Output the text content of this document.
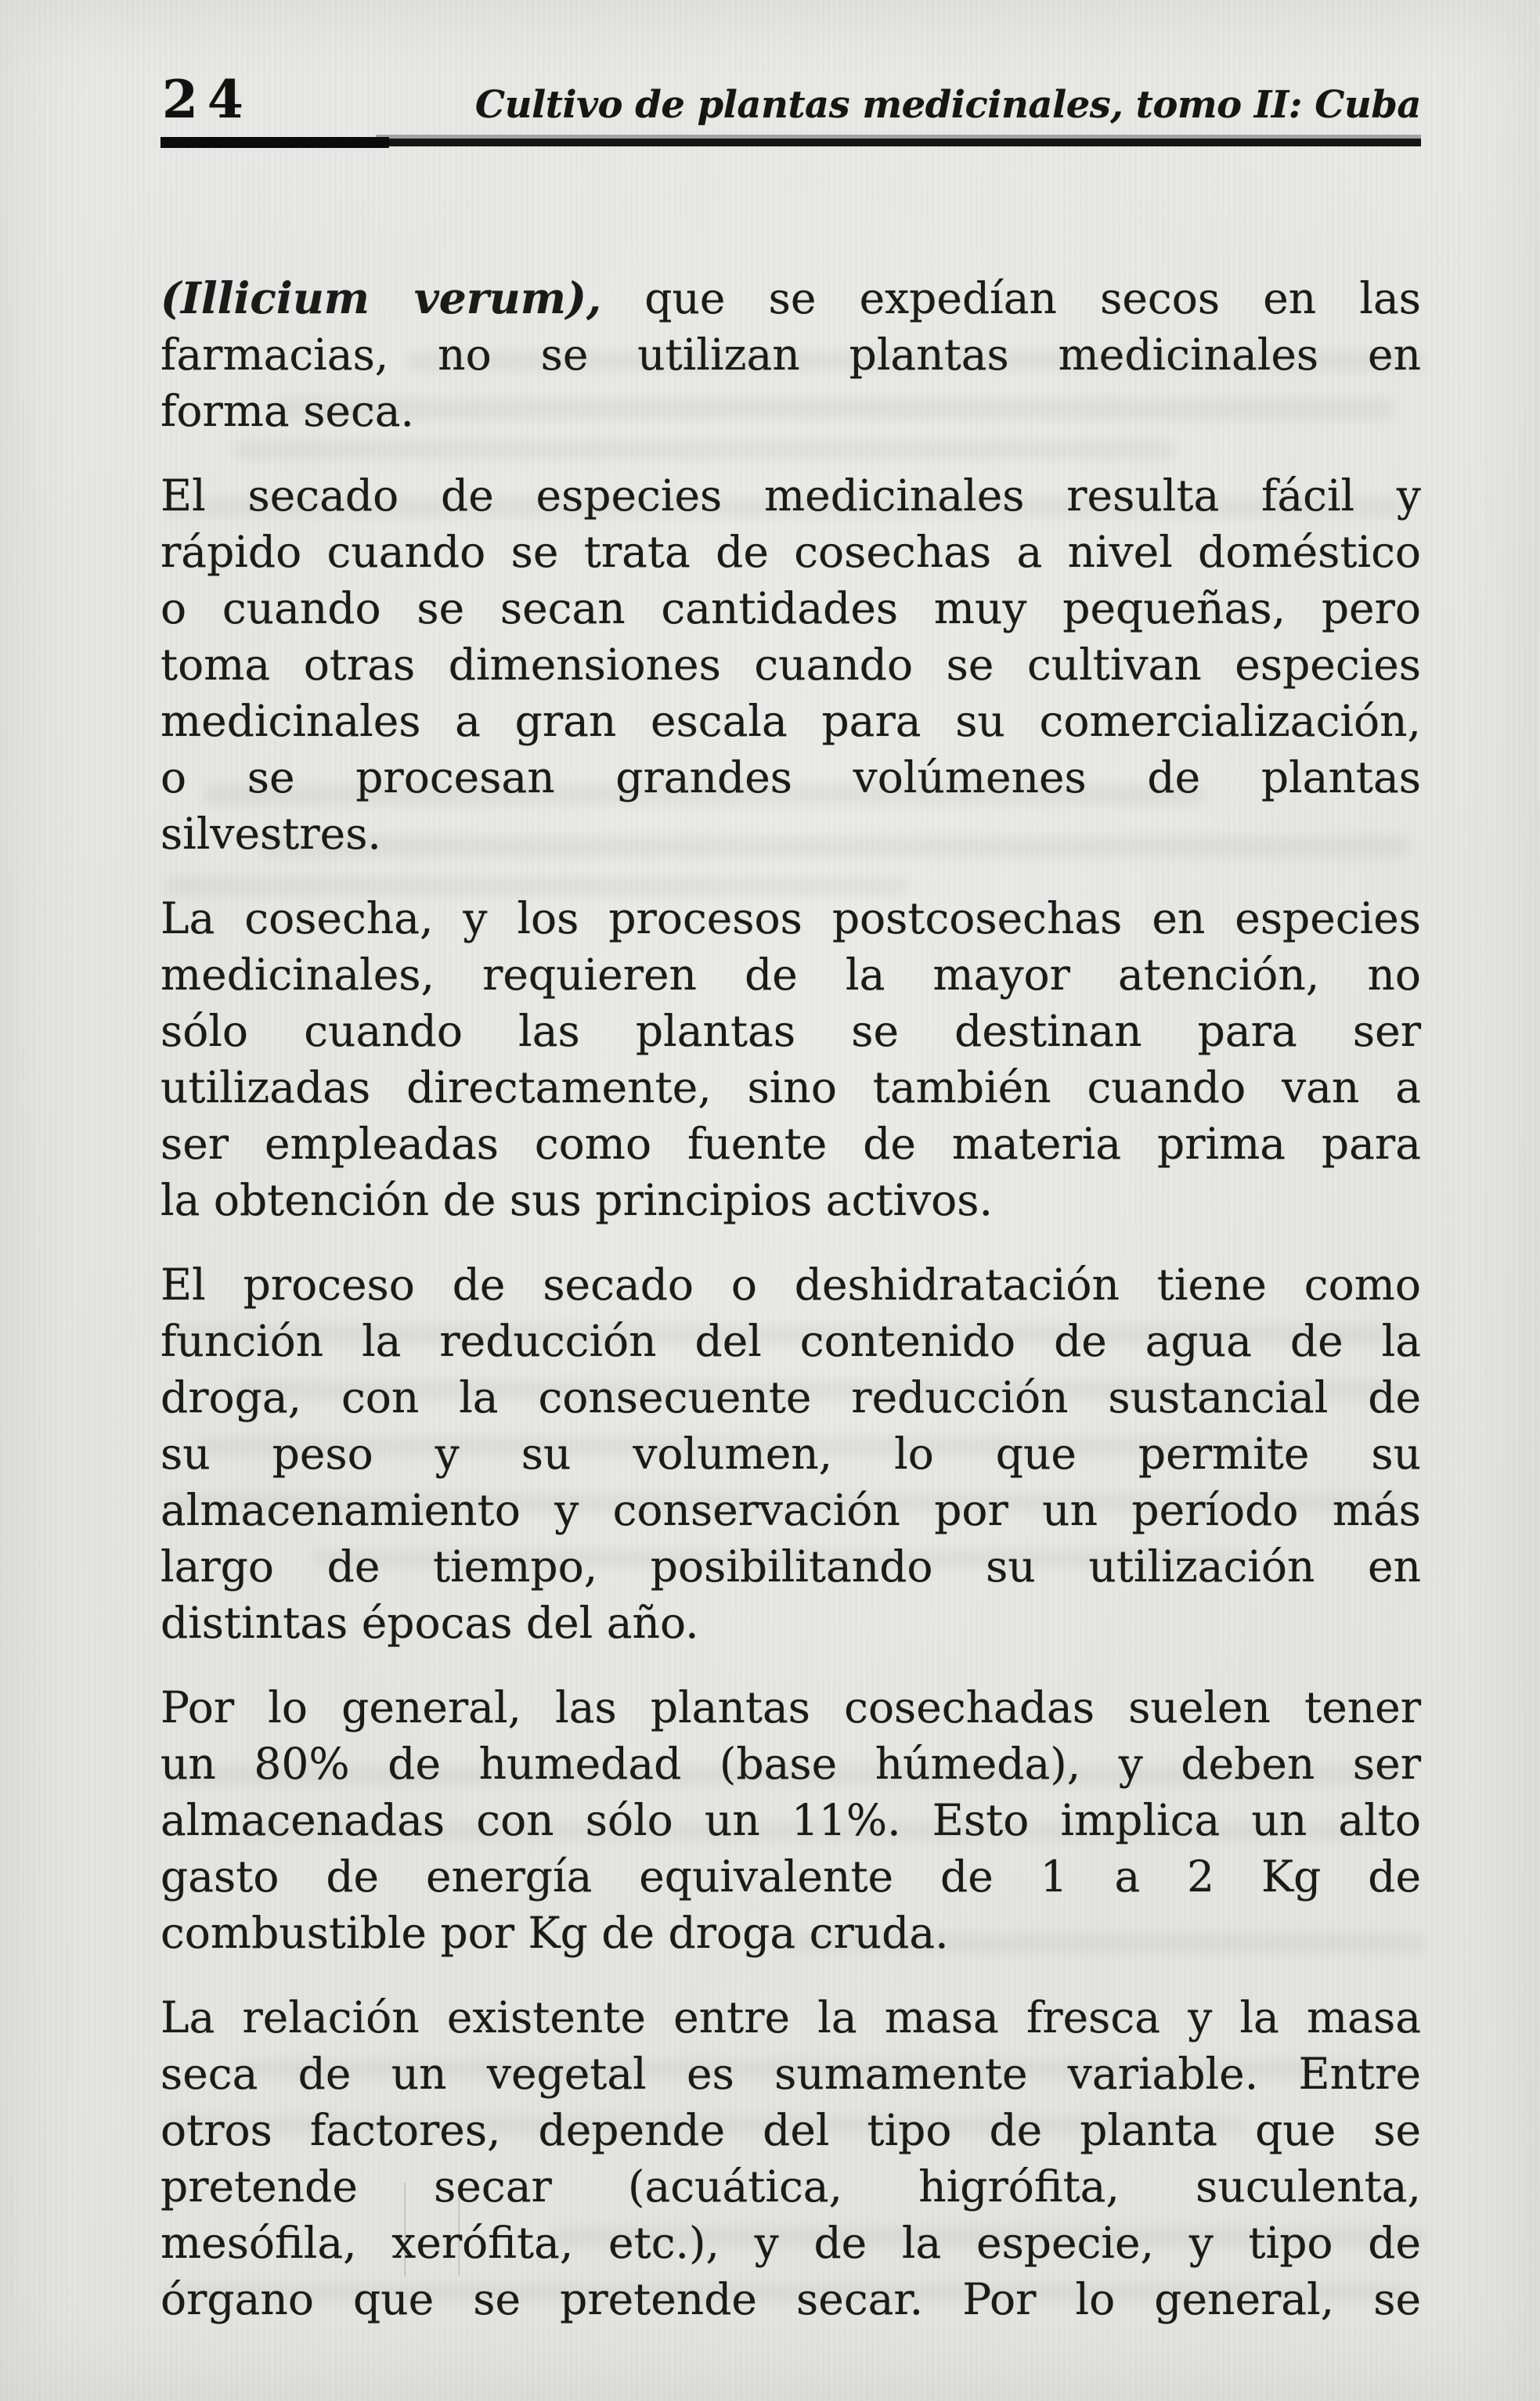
24	Cultivo de plantas medicinales, tomo II: Cuba
(Illicium verum), que se expedían secos en las
farmacias, no se utilizan plantas medicinales en
forma seca.
El secado de especies medicinales resulta fácil y
rápido cuando se trata de cosechas a nivel doméstico
o cuando se secan cantidades muy pequeñas, pero
toma otras dimensiones cuando se cultivan especies
medicinales a gran escala para su comercialización,
o se procesan grandes volúmenes de plantas
silvestres.
La cosecha, y los procesos postcosechas en especies
medicinales, requieren de la mayor atención, no
sólo cuando las plantas se destinan para ser
utilizadas directamente, sino también cuando van a
ser empleadas como fuente de materia prima para
la obtención de sus principios activos.
El proceso de secado o deshidratación tiene como
función la reducción del contenido de agua de la
droga, con la consecuente reducción sustancial de
su peso y su volumen, lo que permite su
almacenamiento y conservación por un período más
largo de tiempo, posibilitando su utilización en
distintas épocas del año.
Por lo general, las plantas cosechadas suelen tener
un 80% de humedad (base húmeda), y deben ser
almacenadas con sólo un 11%. Esto implica un alto
gasto de energía equivalente de 1 a 2 Kg de
combustible por Kg de droga cruda.
La relación existente entre la masa fresca y la masa
seca de un vegetal es sumamente variable. Entre
otros factores, depende del tipo de planta que se
pretende secar (acuática, higrófita, suculenta,
mesófila, xerófita, etc.), y de la especie, y tipo de
órgano que se pretende secar. Por lo general, se
